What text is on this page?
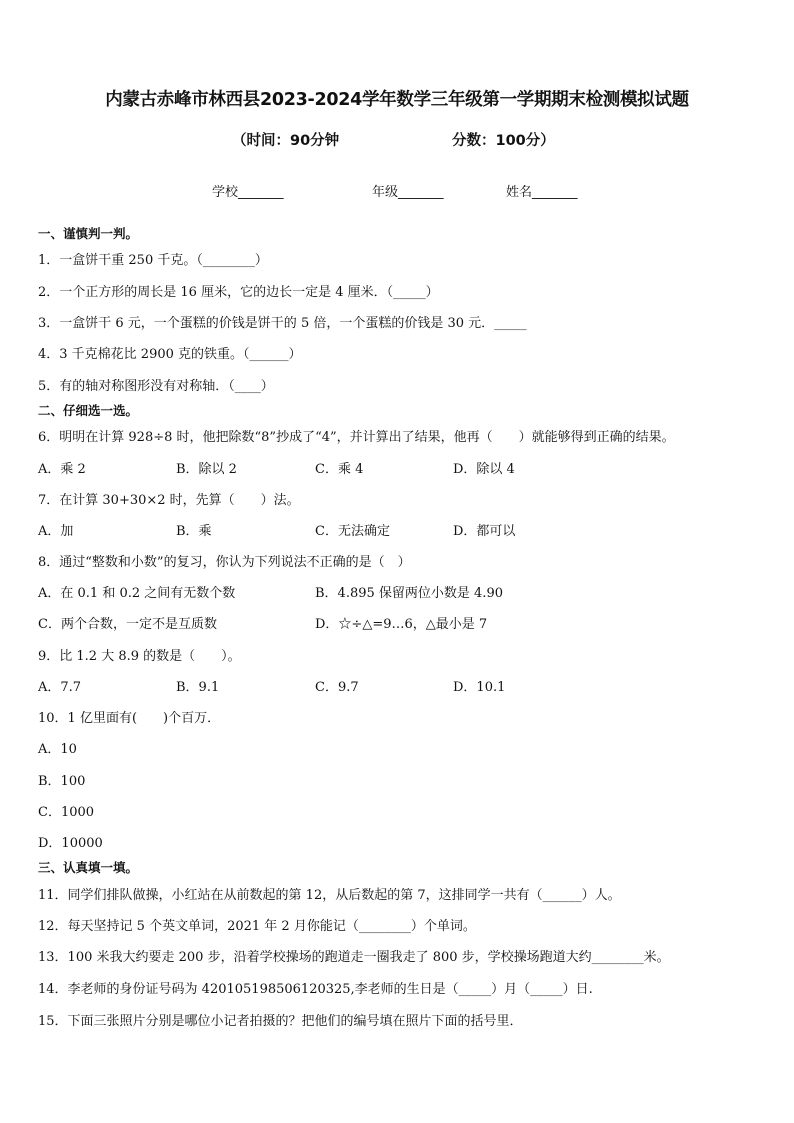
内蒙古赤峰市林西县2023-2024学年数学三年级第一学期期末检测模拟试题
（时间：90分钟	分数：100分）
学校_______	年级_______	姓名_______
一、谨慎判一判。
1．一盒饼干重 250 千克。（________）
2．一个正方形的周长是 16 厘米，它的边长一定是 4 厘米．（_____）
3．一盒饼干 6 元，一个蛋糕的价钱是饼干的 5 倍，一个蛋糕的价钱是 30 元．_____
4．3 千克棉花比 2900 克的铁重。（______）
5．有的轴对称图形没有对称轴．（____）
二、仔细选一选。
6．明明在计算 928÷8 时，他把除数“8”抄成了“4”，并计算出了结果，他再（　　）就能够得到正确的结果。
A．乘 2	B．除以 2	C．乘 4	D．除以 4
7．在计算 30+30×2 时，先算（　　）法。
A．加	B．乘	C．无法确定	D．都可以
8．通过“整数和小数”的复习，你认为下列说法不正确的是（　）
A．在 0.1 和 0.2 之间有无数个数	B．4.895 保留两位小数是 4.90
C．两个合数，一定不是互质数	D．☆÷△=9…6，△最小是 7
9．比 1.2 大 8.9 的数是（　　）。
A．7.7	B．9.1	C．9.7	D．10.1
10．1 亿里面有(　　)个百万．
A．10
B．100
C．1000
D．10000
三、认真填一填。
11．同学们排队做操，小红站在从前数起的第 12，从后数起的第 7，这排同学一共有（______）人。
12．每天坚持记 5 个英文单词，2021 年 2 月你能记（________）个单词。
13．100 米我大约要走 200 步，沿着学校操场的跑道走一圈我走了 800 步，学校操场跑道大约________米。
14．李老师的身份证号码为 420105198506120325,李老师的生日是（_____）月（_____）日.
15．下面三张照片分别是哪位小记者拍摄的？把他们的编号填在照片下面的括号里．
